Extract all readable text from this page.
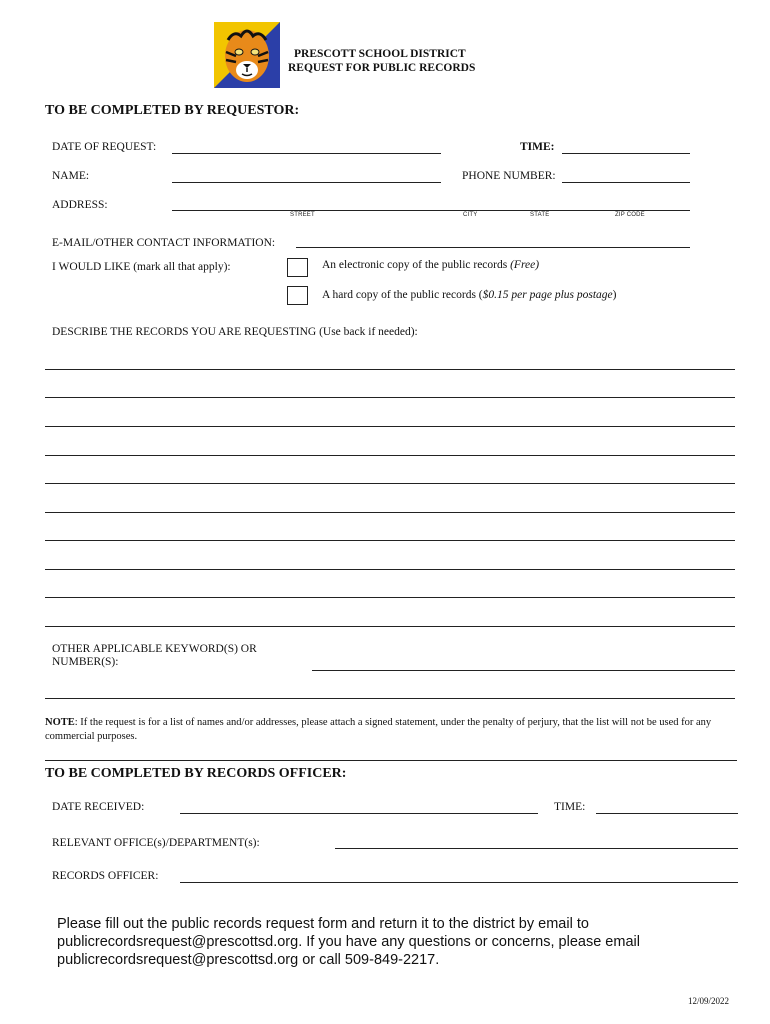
PRESCOTT SCHOOL DISTRICT
REQUEST FOR PUBLIC RECORDS
TO BE COMPLETED BY REQUESTOR:
DATE OF REQUEST:	TIME:
NAME:	PHONE NUMBER:
ADDRESS:
STREET	CITY	STATE	ZIP CODE
E-MAIL/OTHER CONTACT INFORMATION:
I WOULD LIKE (mark all that apply):	An electronic copy of the public records (Free)
A hard copy of the public records ($0.15 per page plus postage)
DESCRIBE THE RECORDS YOU ARE REQUESTING (Use back if needed):
OTHER APPLICABLE KEYWORD(S) OR
NUMBER(S):
NOTE: If the request is for a list of names and/or addresses, please attach a signed statement, under the penalty of perjury, that the list will not be used for any commercial purposes.
TO BE COMPLETED BY RECORDS OFFICER:
DATE RECEIVED:	TIME:
RELEVANT OFFICE(s)/DEPARTMENT(s):
RECORDS OFFICER:
Please fill out the public records request form and return it to the district by email to publicrecordsrequest@prescottsd.org. If you have any questions or concerns, please email publicrecordsrequest@prescottsd.org or call 509-849-2217.
12/09/2022
